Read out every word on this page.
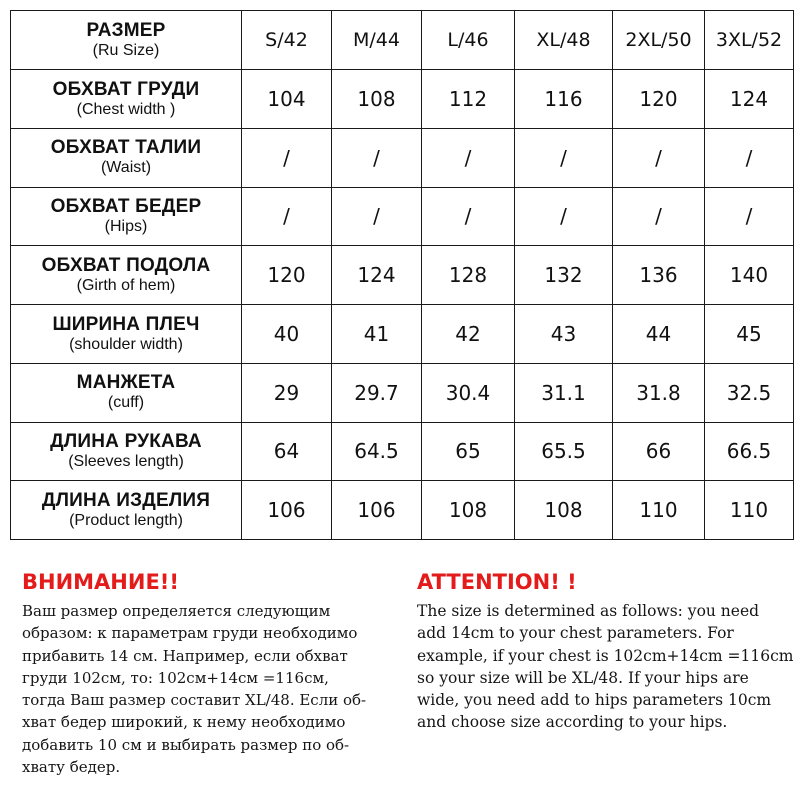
РАЗМЕР
(Ru Size)	S/42	M/44	L/46	XL/48	2XL/50	3XL/52

ОБХВАТ ГРУДИ
(Chest width )	104	108	112	116	120	124

ОБХВАТ ТАЛИИ
(Waist)	/	/	/	/	/	/

ОБХВАТ БЕДЕР
(Hips)	/	/	/	/	/	/

ОБХВАТ ПОДОЛА
(Girth of hem)	120	124	128	132	136	140

ШИРИНА ПЛЕЧ
(shoulder width)	40	41	42	43	44	45

МАНЖЕТА
(cuff)	29	29.7	30.4	31.1	31.8	32.5

ДЛИНА РУКАВА
(Sleeves length)	64	64.5	65	65.5	66	66.5

ДЛИНА ИЗДЕЛИЯ
(Product length)	106	106	108	108	110	110
ВНИМАНИЕ!!
Ваш размер определяется следующим
образом: к параметрам груди необходимо
прибавить 14 см. Например, если обхват
груди 102см, то: 102см+14см =116см,
тогда Ваш размер составит XL/48. Если об-
хват бедер широкий, к нему необходимо
добавить 10 см и выбирать размер по об-
хвату бедер.
ATTENTION! !
The size is determined as follows: you need
add 14cm to your chest parameters. For
example, if your chest is 102cm+14cm =116cm
so your size will be XL/48. If your hips are
wide, you need add to hips parameters 10cm
and choose size according to your hips.
